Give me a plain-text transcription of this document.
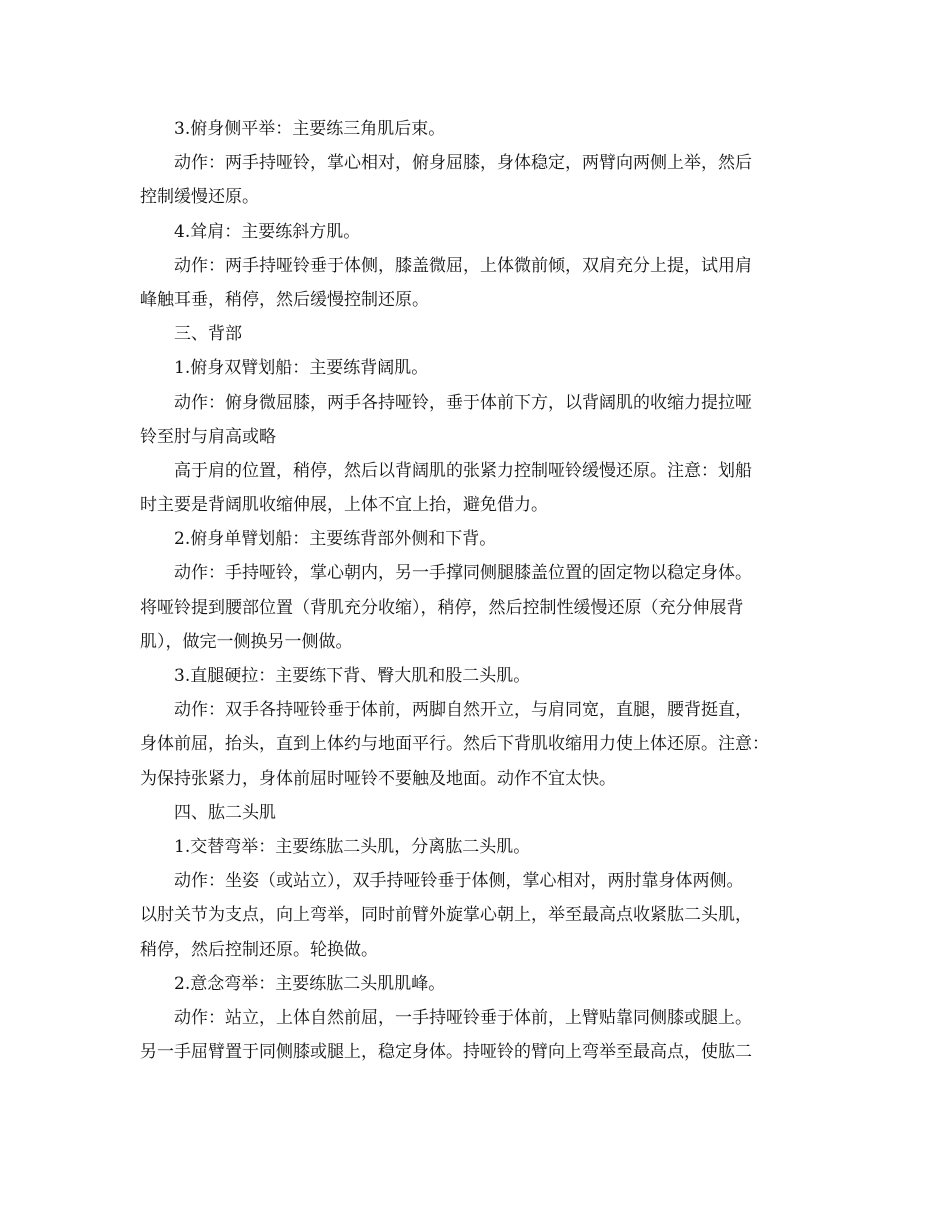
3.俯身侧平举：主要练三角肌后束。
动作：两手持哑铃，掌心相对，俯身屈膝，身体稳定，两臂向两侧上举，然后
控制缓慢还原。
4.耸肩：主要练斜方肌。
动作：两手持哑铃垂于体侧，膝盖微屈，上体微前倾，双肩充分上提，试用肩
峰触耳垂，稍停，然后缓慢控制还原。
三、背部
1.俯身双臂划船：主要练背阔肌。
动作：俯身微屈膝，两手各持哑铃，垂于体前下方，以背阔肌的收缩力提拉哑
铃至肘与肩高或略
高于肩的位置，稍停，然后以背阔肌的张紧力控制哑铃缓慢还原。注意：划船
时主要是背阔肌收缩伸展，上体不宜上抬，避免借力。
2.俯身单臂划船：主要练背部外侧和下背。
动作：手持哑铃，掌心朝内，另一手撑同侧腿膝盖位置的固定物以稳定身体。
将哑铃提到腰部位置（背肌充分收缩），稍停，然后控制性缓慢还原（充分伸展背
肌），做完一侧换另一侧做。
3.直腿硬拉：主要练下背、臀大肌和股二头肌。
动作：双手各持哑铃垂于体前，两脚自然开立，与肩同宽，直腿，腰背挺直，
身体前屈，抬头，直到上体约与地面平行。然后下背肌收缩用力使上体还原。注意：
为保持张紧力，身体前屈时哑铃不要触及地面。动作不宜太快。
四、肱二头肌
1.交替弯举：主要练肱二头肌，分离肱二头肌。
动作：坐姿（或站立），双手持哑铃垂于体侧，掌心相对，两肘靠身体两侧。
以肘关节为支点，向上弯举，同时前臂外旋掌心朝上，举至最高点收紧肱二头肌，
稍停，然后控制还原。轮换做。
2.意念弯举：主要练肱二头肌肌峰。
动作：站立，上体自然前屈，一手持哑铃垂于体前，上臂贴靠同侧膝或腿上。
另一手屈臂置于同侧膝或腿上，稳定身体。持哑铃的臂向上弯举至最高点，使肱二
